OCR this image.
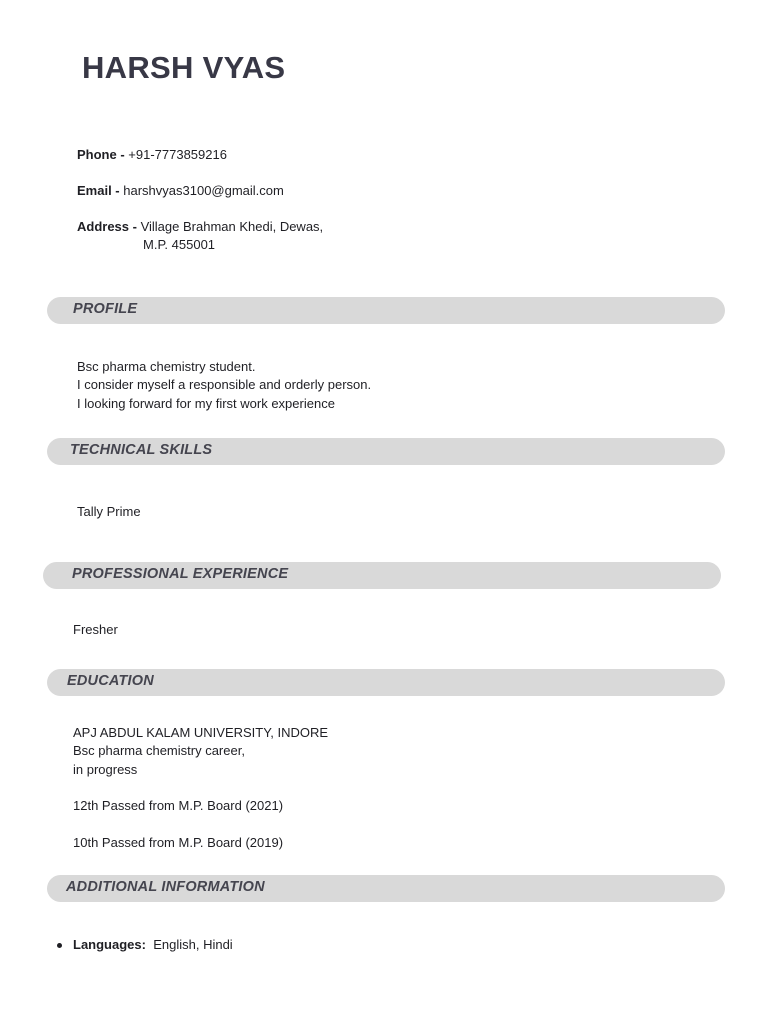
HARSH VYAS
Phone - +91-7773859216
Email - harshvyas3100@gmail.com
Address - Village Brahman Khedi, Dewas,
M.P. 455001
PROFILE
Bsc pharma chemistry student.
I consider myself a responsible and orderly person.
I looking forward for my first work experience
TECHNICAL SKILLS
Tally Prime
PROFESSIONAL EXPERIENCE
Fresher
EDUCATION
APJ ABDUL KALAM UNIVERSITY, INDORE
Bsc pharma chemistry career,
in progress
12th Passed from M.P. Board (2021)
10th Passed from M.P. Board (2019)
ADDITIONAL INFORMATION
Languages: English, Hindi
